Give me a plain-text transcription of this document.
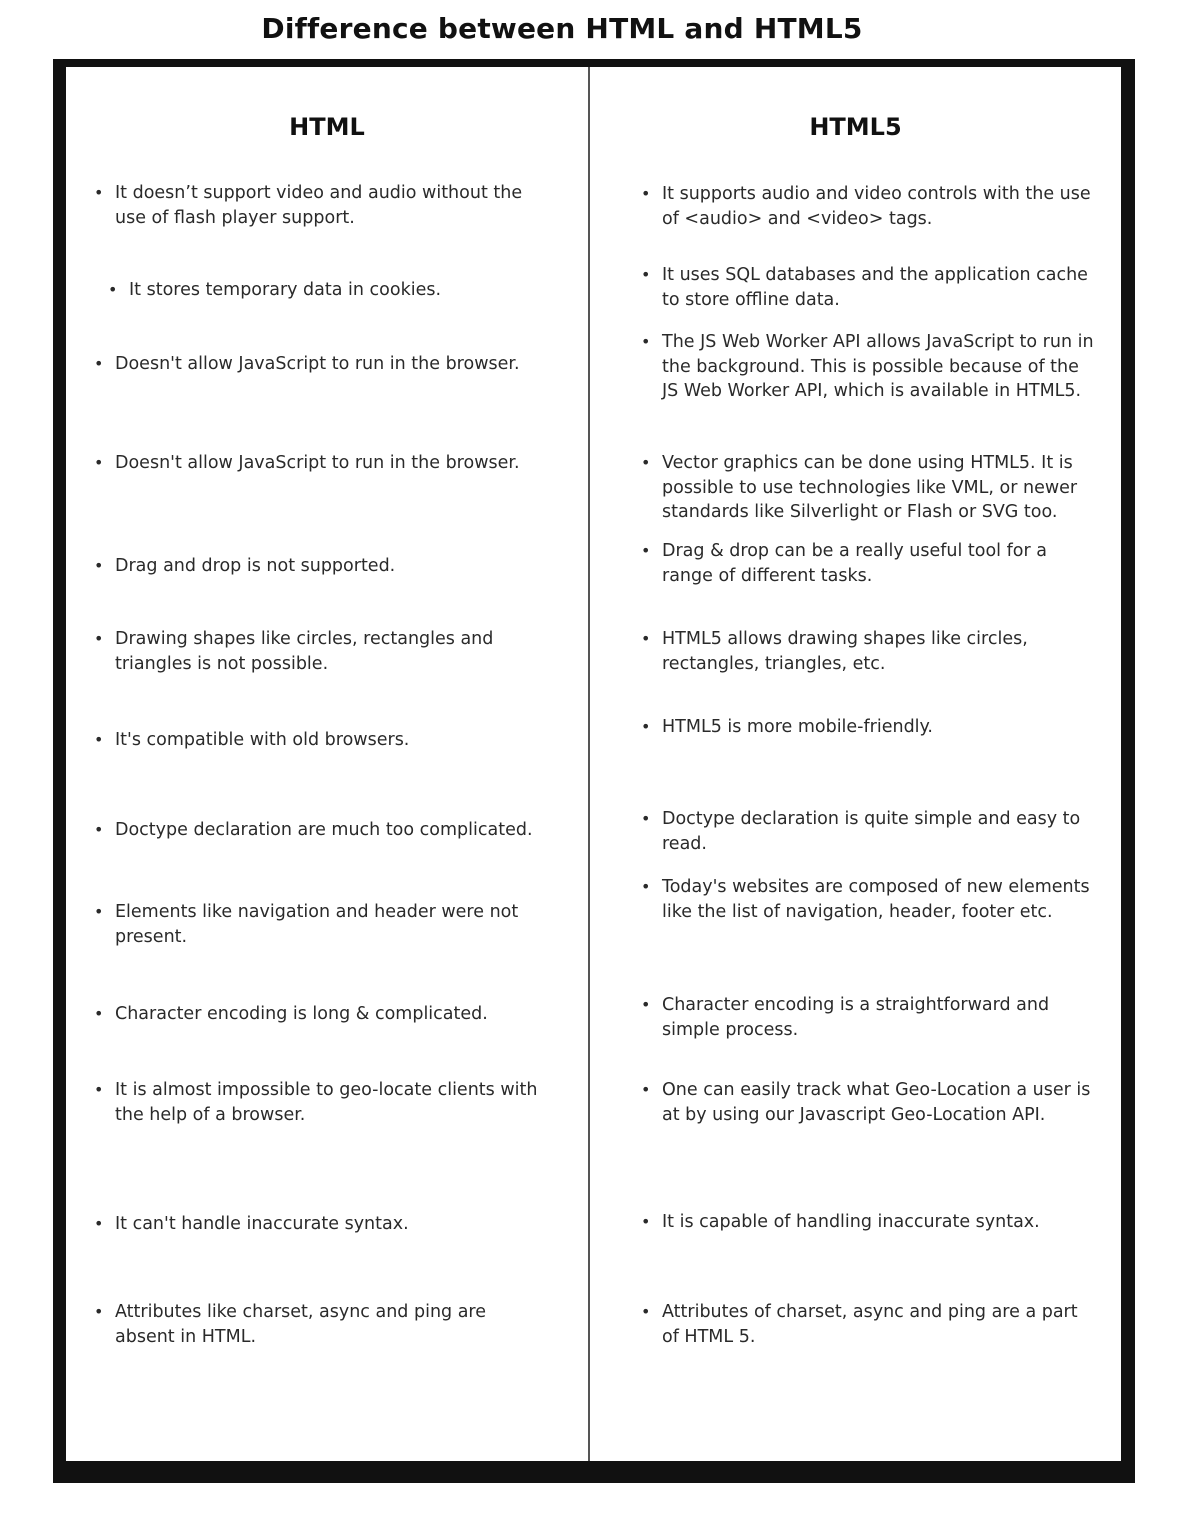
Difference between HTML and HTML5
HTML	HTML5
• It doesn’t support video and audio without the use of flash player support.
• It stores temporary data in cookies.
• Doesn't allow JavaScript to run in the browser.
• Doesn't allow JavaScript to run in the browser.
• Drag and drop is not supported.
• Drawing shapes like circles, rectangles and triangles is not possible.
• It's compatible with old browsers.
• Doctype declaration are much too complicated.
• Elements like navigation and header were not present.
• Character encoding is long & complicated.
• It is almost impossible to geo-locate clients with the help of a browser.
• It can't handle inaccurate syntax.
• Attributes like charset, async and ping are absent in HTML.
• It supports audio and video controls with the use of <audio> and <video> tags.
• It uses SQL databases and the application cache to store offline data.
• The JS Web Worker API allows JavaScript to run in the background. This is possible because of the JS Web Worker API, which is available in HTML5.
• Vector graphics can be done using HTML5. It is possible to use technologies like VML, or newer standards like Silverlight or Flash or SVG too.
• Drag & drop can be a really useful tool for a range of different tasks.
• HTML5 allows drawing shapes like circles, rectangles, triangles, etc.
• HTML5 is more mobile-friendly.
• Doctype declaration is quite simple and easy to read.
• Today's websites are composed of new elements like the list of navigation, header, footer etc.
• Character encoding is a straightforward and simple process.
• One can easily track what Geo-Location a user is at by using our Javascript Geo-Location API.
• It is capable of handling inaccurate syntax.
• Attributes of charset, async and ping are a part of HTML 5.
